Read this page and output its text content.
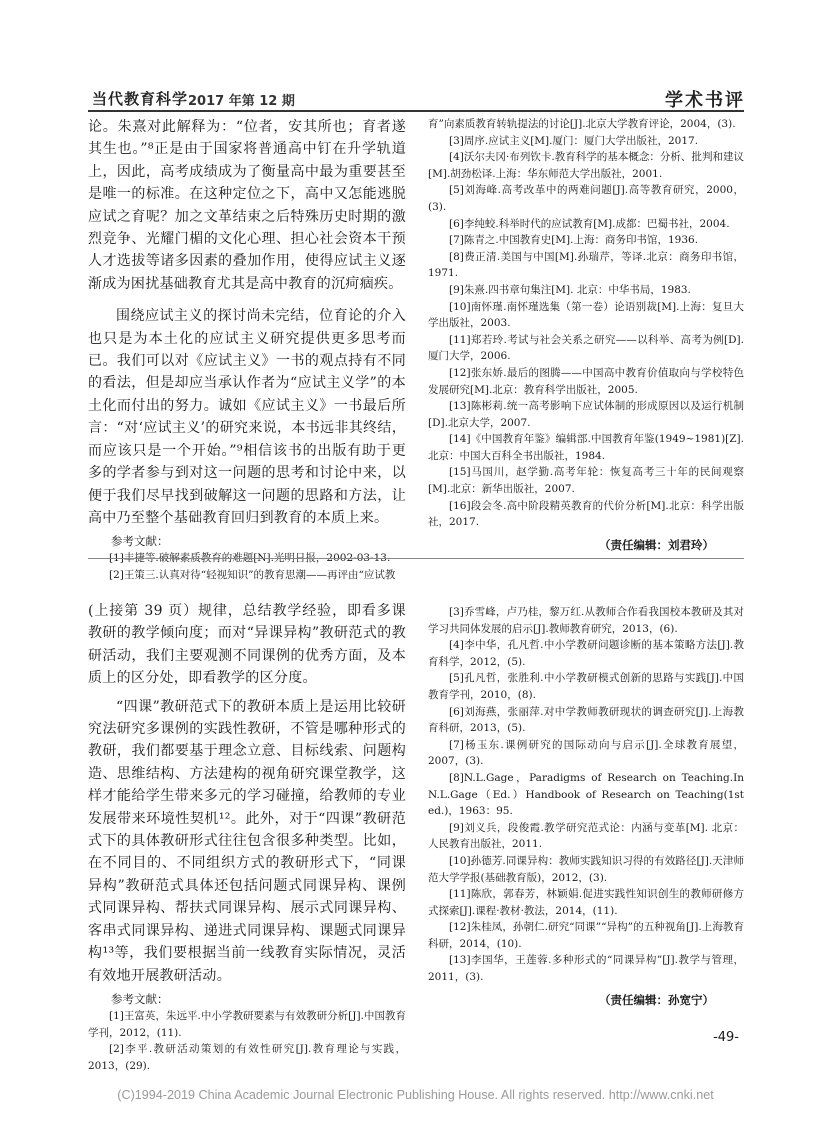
当代教育科学 2017 年第 12 期	学术书评

论。朱熹对此解释为：“位者，安其所也；育者遂其生也。”⁸正是由于国家将普通高中钉在升学轨道上，因此，高考成绩成为了衡量高中最为重要甚至是唯一的标准。在这种定位之下，高中又怎能逃脱应试之育呢？加之文革结束之后特殊历史时期的激烈竞争、光耀门楣的文化心理、担心社会资本干预人才选拔等诸多因素的叠加作用，使得应试主义逐渐成为困扰基础教育尤其是高中教育的沉疴痼疾。

围绕应试主义的探讨尚未完结，位育论的介入也只是为本土化的应试主义研究提供更多思考而已。我们可以对《应试主义》一书的观点持有不同的看法，但是却应当承认作者为“应试主义学”的本土化而付出的努力。诚如《应试主义》一书最后所言：“对‘应试主义’的研究来说，本书远非其终结，而应该只是一个开始。”⁹相信该书的出版有助于更多的学者参与到对这一问题的思考和讨论中来，以便于我们尽早找到破解这一问题的思路和方法，让高中乃至整个基础教育回归到教育的本质上来。

参考文献：

[1]丰捷等.破解素质教育的难题[N].光明日报，2002-03-13.

[2]王策三.认真对待“轻视知识”的教育思潮——再评由“应试教

育”向素质教育转轨提法的讨论[J].北京大学教育评论，2004，(3).

[3]周序.应试主义[M].厦门：厦门大学出版社，2017.

[4]沃尔夫冈·布列钦卡.教育科学的基本概念：分析、批判和建议[M].胡劲松译.上海：华东师范大学出版社，2001.

[5]刘海峰.高考改革中的两难问题[J].高等教育研究，2000，(3).

[6]李纯蛟.科举时代的应试教育[M].成都：巴蜀书社，2004.

[7]陈青之.中国教育史[M].上海：商务印书馆，1936.

[8]费正清.美国与中国[M].孙瑞芹，等译.北京：商务印书馆，1971.

[9]朱熹.四书章句集注[M]. 北京：中华书局，1983.

[10]南怀瑾.南怀瑾选集（第一卷）论语别裁[M].上海：复旦大学出版社，2003.

[11]郑若玲.考试与社会关系之研究——以科举、高考为例[D].厦门大学，2006.

[12]张东娇.最后的图腾——中国高中教育价值取向与学校特色发展研究[M].北京：教育科学出版社，2005.

[13]陈彬莉.统一高考影响下应试体制的形成原因以及运行机制[D].北京大学，2007.

[14]《中国教育年鉴》编辑部.中国教育年鉴(1949~1981)[Z].北京：中国大百科全书出版社，1984.

[15]马国川，赵学勤.高考年轮：恢复高考三十年的民间观察[M].北京：新华出版社，2007.

[16]段会冬.高中阶段精英教育的代价分析[M].北京：科学出版社，2017.

（责任编辑：刘君玲）

(上接第 39 页）规律，总结教学经验，即看多课教研的教学倾向度；而对“异课异构”教研范式的教研活动，我们主要观测不同课例的优秀方面，及本质上的区分处，即看教学的区分度。

“四课”教研范式下的教研本质上是运用比较研究法研究多课例的实践性教研，不管是哪种形式的教研，我们都要基于理念立意、目标线索、问题构造、思维结构、方法建构的视角研究课堂教学，这样才能给学生带来多元的学习碰撞，给教师的专业发展带来环境性契机¹²。此外，对于“四课”教研范式下的具体教研形式往往包含很多种类型。比如，在不同目的、不同组织方式的教研形式下，“同课异构”教研范式具体还包括问题式同课异构、课例式同课异构、帮扶式同课异构、展示式同课异构、客串式同课异构、递进式同课异构、课题式同课异构¹³等，我们要根据当前一线教育实际情况，灵活有效地开展教研活动。

参考文献：

[1]王富英，朱远平.中小学教研要素与有效教研分析[J].中国教育学刊，2012，(11).

[2]李平.教研活动策划的有效性研究[J].教育理论与实践，2013，(29).

[3]乔雪峰，卢乃桂，黎万红.从教师合作看我国校本教研及其对学习共同体发展的启示[J].教师教育研究，2013，(6).

[4]李中华，孔凡哲.中小学教研问题诊断的基本策略方法[J].教育科学，2012，(5).

[5]孔凡哲，张胜利.中小学教研模式创新的思路与实践[J].中国教育学刊，2010，(8).

[6]刘海燕，张丽萍.对中学教师教研现状的调查研究[J].上海教育科研，2013，(5).

[7]杨玉东.课例研究的国际动向与启示[J].全球教育展望，2007，(3).

[8]N.L.Gage，Paradigms of Research on Teaching.In N.L.Gage（Ed.）Handbook of Research on Teaching(1st ed.)，1963：95.

[9]刘义兵，段俊霞.教学研究范式论：内涵与变革[M]. 北京：人民教育出版社，2011.

[10]孙德芳.同课异构：教师实践知识习得的有效路径[J].天津师范大学学报(基础教育版)，2012，(3).

[11]陈欣，郭春芳，林颖娟.促进实践性知识创生的教师研修方式探索[J].课程·教材·教法，2014，(11).

[12]朱桂凤，孙朝仁.研究“同课”“异构”的五种视角[J].上海教育科研，2014，(10).

[13]李国华，王莲蓉.多种形式的“同课异构”[J].教学与管理，2011，(3).

（责任编辑：孙宽宁）

-49-
(C)1994-2019 China Academic Journal Electronic Publishing House. All rights reserved. http://www.cnki.net
